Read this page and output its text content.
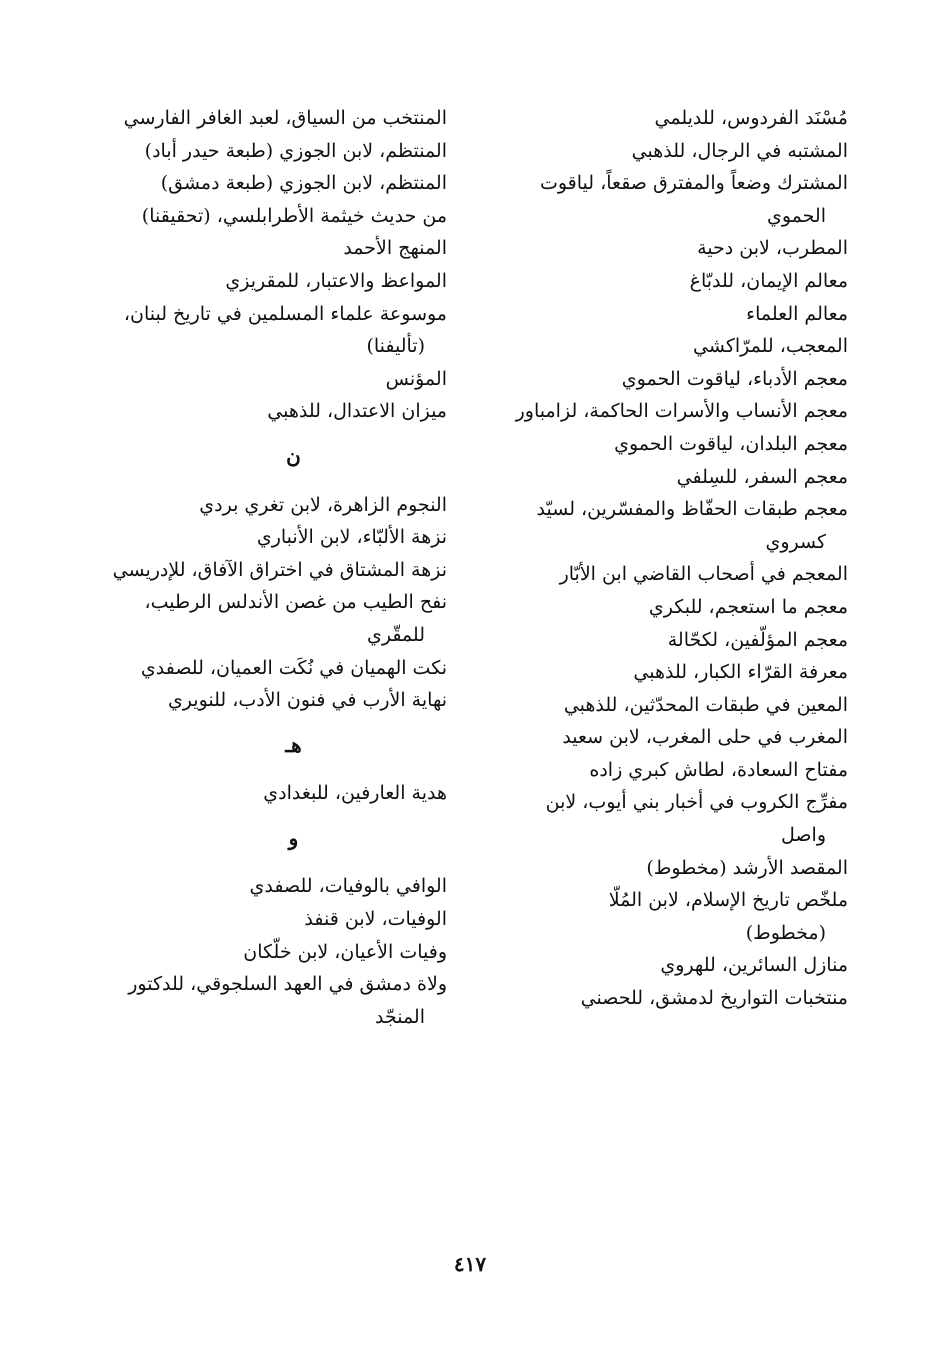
مُسْنَد الفردوس، للديلمي

المشتبه في الرجال، للذهبي

المشترك وضعاً والمفترق صقعاً، لياقوت

الحموي

المطرب، لابن دحية

معالم الإيمان، للدبّاغ

معالم العلماء

المعجب، للمرّاكشي

معجم الأدباء، لياقوت الحموي

معجم الأنساب والأسرات الحاكمة، لزامباور

معجم البلدان، لياقوت الحموي

معجم السفر، للسِلفي

معجم طبقات الحفّاظ والمفسّرين، لسيّد

كسروي

المعجم في أصحاب القاضي ابن الأبّار

معجم ما استعجم، للبكري

معجم المؤلّفين، لكحّالة

معرفة القرّاء الكبار، للذهبي

المعين في طبقات المحدّثين، للذهبي

المغرب في حلى المغرب، لابن سعيد

مفتاح السعادة، لطاش كبري زاده

مفرِّج الكروب في أخبار بني أيوب، لابن

واصل

المقصد الأرشد (مخطوط)

ملخّص تاريخ الإسلام، لابن المُلّا

(مخطوط)

منازل السائرين، للهروي

منتخبات التواريخ لدمشق، للحصني

المنتخب من السياق، لعبد الغافر الفارسي

المنتظم، لابن الجوزي (طبعة حيدر أباد)

المنتظم، لابن الجوزي (طبعة دمشق)

من حديث خيثمة الأطرابلسي، (تحقيقنا)

المنهج الأحمد

المواعظ والاعتبار، للمقريزي

موسوعة علماء المسلمين في تاريخ لبنان،

(تأليفنا)

المؤنس

ميزان الاعتدال، للذهبي

ن

النجوم الزاهرة، لابن تغري بردي

نزهة الألبّاء، لابن الأنباري

نزهة المشتاق في اختراق الآفاق، للإدريسي

نفح الطيب من غصن الأندلس الرطيب،

للمقّري

نكت الهميان في نُكَت العميان، للصفدي

نهاية الأرب في فنون الأدب، للنويري

هـ

هدية العارفين، للبغدادي

و

الوافي بالوفيات، للصفدي

الوفيات، لابن قنفذ

وفيات الأعيان، لابن خلّكان

ولاة دمشق في العهد السلجوقي، للدكتور

المنجّد

٤١٧
